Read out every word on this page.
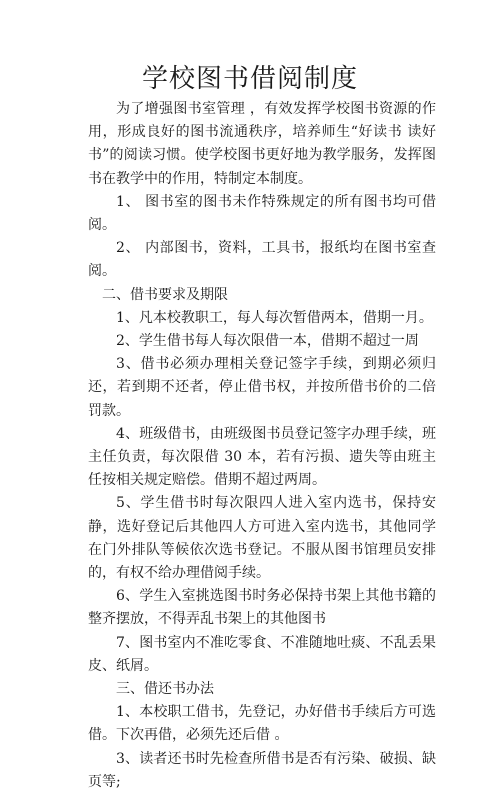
学校图书借阅制度

为了增强图书室管理 ，有效发挥学校图书资源的作用，形成良好的图书流通秩序，培养师生“好读书 读好书”的阅读习惯。使学校图书更好地为教学服务，发挥图书在教学中的作用，特制定本制度。

1、 图书室的图书未作特殊规定的所有图书均可借阅。

2、 内部图书，资料，工具书，报纸均在图书室查阅。

二、借书要求及期限

1、凡本校教职工，每人每次暂借两本，借期一月。

2、学生借书每人每次限借一本，借期不超过一周

3、借书必须办理相关登记签字手续，到期必须归还，若到期不还者，停止借书权，并按所借书价的二倍罚款。

4、班级借书，由班级图书员登记签字办理手续，班主任负责，每次限借 30 本，若有污损、遗失等由班主任按相关规定赔偿。借期不超过两周。

5、学生借书时每次限四人进入室内选书，保持安静，选好登记后其他四人方可进入室内选书，其他同学在门外排队等候依次选书登记。不服从图书馆理员安排的，有权不给办理借阅手续。

6、学生入室挑选图书时务必保持书架上其他书籍的整齐摆放，不得弄乱书架上的其他图书

7、图书室内不准吃零食、不准随地吐痰、不乱丢果皮、纸屑。

三、借还书办法

1、本校职工借书，先登记，办好借书手续后方可选借。下次再借，必须先还后借 。

3、读者还书时先检查所借书是否有污染、破损、缺页等;
